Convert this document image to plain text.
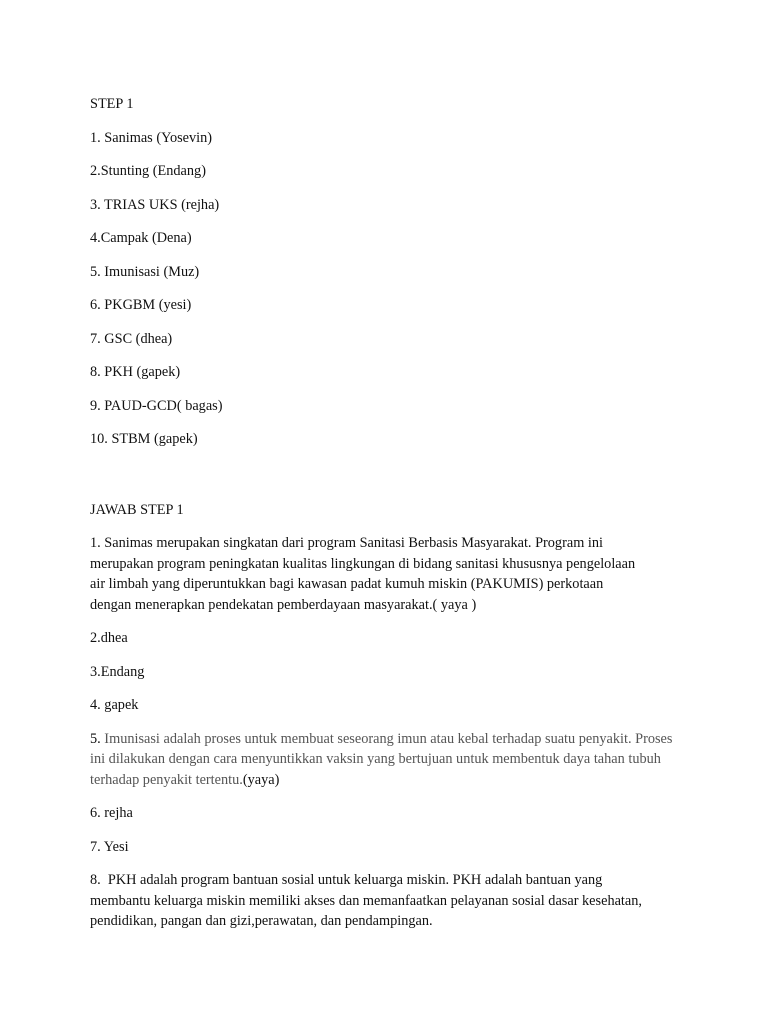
STEP 1
1. Sanimas (Yosevin)
2.Stunting (Endang)
3. TRIAS UKS (rejha)
4.Campak (Dena)
5. Imunisasi (Muz)
6. PKGBM (yesi)
7. GSC (dhea)
8. PKH (gapek)
9. PAUD-GCD( bagas)
10. STBM (gapek)
JAWAB STEP 1
1. Sanimas merupakan singkatan dari program Sanitasi Berbasis Masyarakat. Program ini
merupakan program peningkatan kualitas lingkungan di bidang sanitasi khususnya pengelolaan
air limbah yang diperuntukkan bagi kawasan padat kumuh miskin (PAKUMIS) perkotaan
dengan menerapkan pendekatan pemberdayaan masyarakat.( yaya )
2.dhea
3.Endang
4. gapek
5. Imunisasi adalah proses untuk membuat seseorang imun atau kebal terhadap suatu penyakit. Proses
ini dilakukan dengan cara menyuntikkan vaksin yang bertujuan untuk membentuk daya tahan tubuh
terhadap penyakit tertentu.(yaya)
6. rejha
7. Yesi
8.  PKH adalah program bantuan sosial untuk keluarga miskin. PKH adalah bantuan yang
membantu keluarga miskin memiliki akses dan memanfaatkan pelayanan sosial dasar kesehatan,
pendidikan, pangan dan gizi,perawatan, dan pendampingan.
